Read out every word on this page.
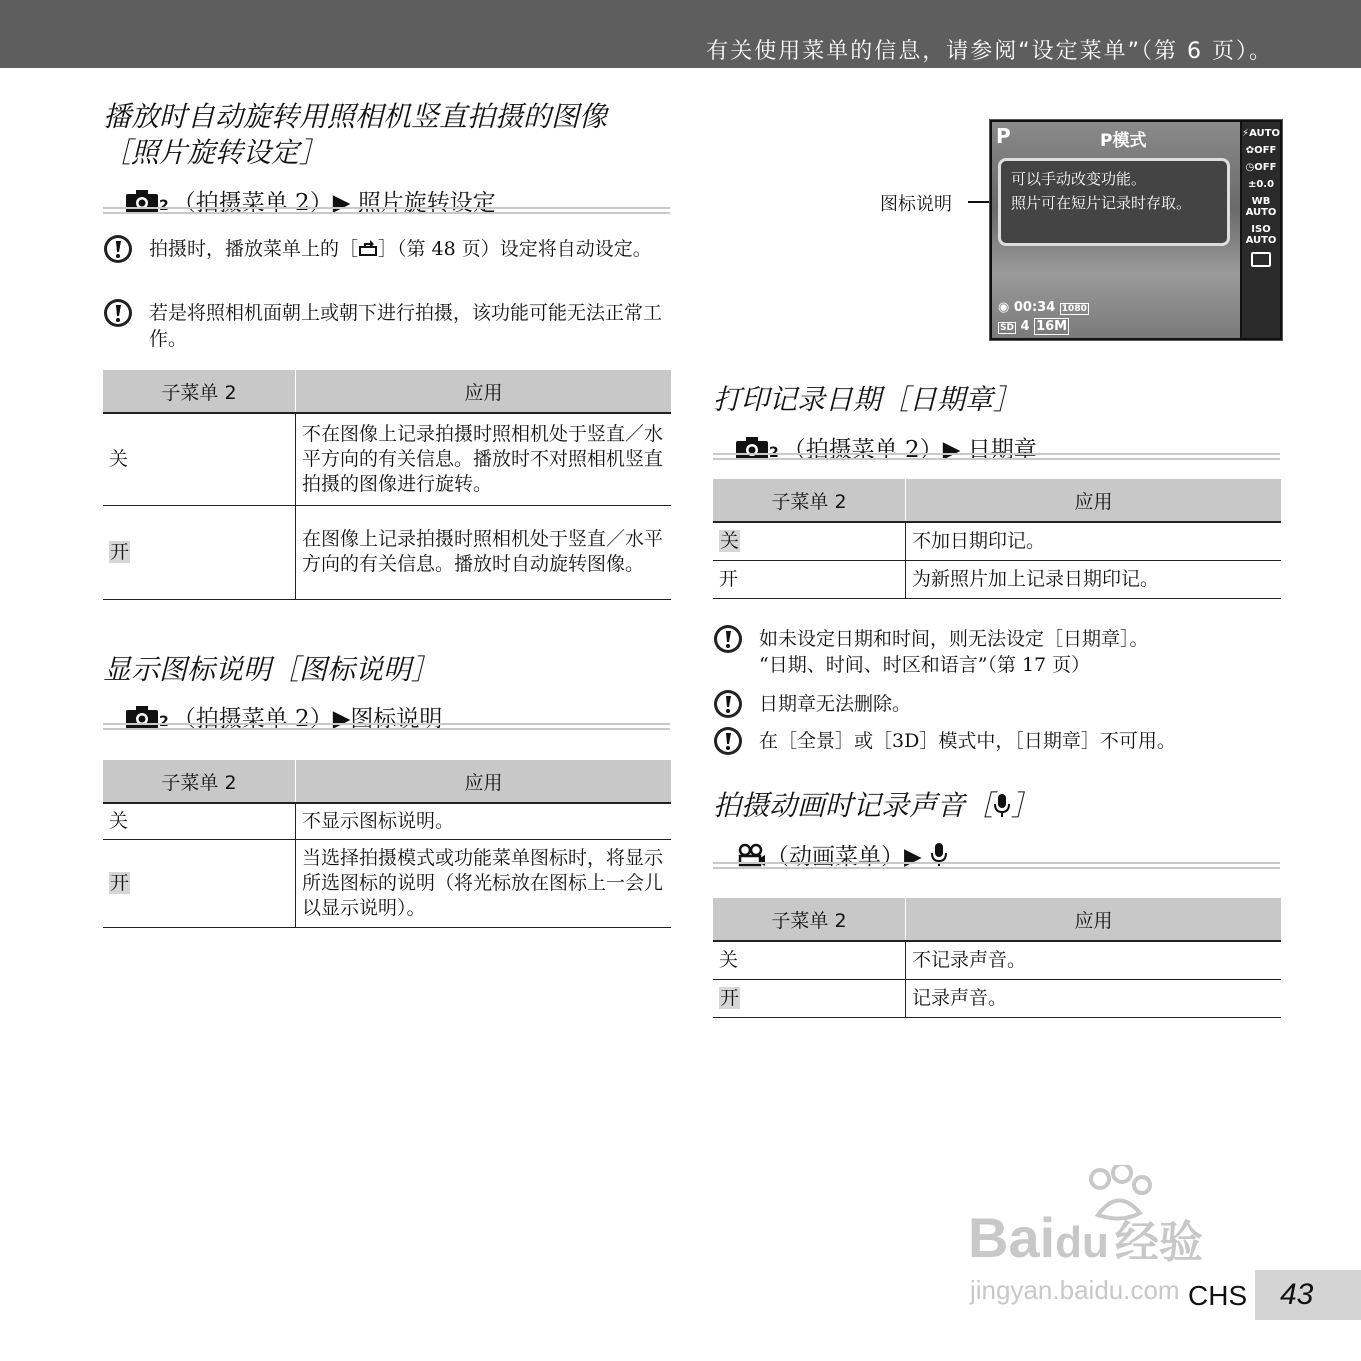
有关使用菜单的信息，请参阅“设定菜单”（第 6 页）。
播放时自动旋转用照相机竖直拍摄的图像
［照片旋转设定］
$_2$ （拍摄菜单 2）▶ 照片旋转设定
拍摄时，播放菜单上的［ ］（第 48 页）设定将自动设定。
若是将照相机面朝上或朝下进行拍摄，该功能可能无法正常工作。
子菜单 2	应用
关	不在图像上记录拍摄时照相机处于竖直／水平方向的有关信息。播放时不对照相机竖直拍摄的图像进行旋转。
开	在图像上记录拍摄时照相机处于竖直／水平方向的有关信息。播放时自动旋转图像。
显示图标说明［图标说明］
$_2$ （拍摄菜单 2）▶图标说明
子菜单 2	应用
关	不显示图标说明。
开	当选择拍摄模式或功能菜单图标时，将显示所选图标的说明（将光标放在图标上一会儿以显示说明）。
图标说明
P	P模式
可以手动改变功能。
照片可在短片记录时存取。
◉ 00:34 1080
SD 4 16M
⚡AUTO
✿OFF
◷OFF
±0.0
WB AUTO
ISO AUTO
打印记录日期［日期章］
$_2$ （拍摄菜单 2）▶ 日期章
子菜单 2	应用
关	不加日期印记。
开	为新照片加上记录日期印记。
如未设定日期和时间，则无法设定［日期章］。
“日期、时间、时区和语言”（第 17 页）
日期章无法删除。
在［全景］或［3D］模式中，［日期章］不可用。
拍摄动画时记录声音［ ］
（动画菜单）▶
子菜单 2	应用
关	不记录声音。
开	记录声音。
Baidu 经验
jingyan.baidu.com CHS 43
